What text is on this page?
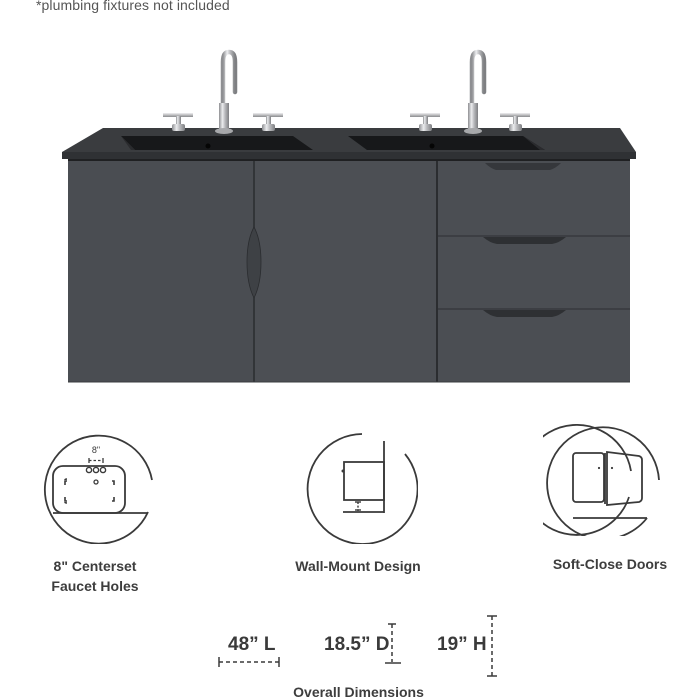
*plumbing fixtures not included
8"
8" Centerset
Faucet Holes
Wall-Mount Design	Soft-Close Doors
48” L	18.5” D	19” H
Overall Dimensions
